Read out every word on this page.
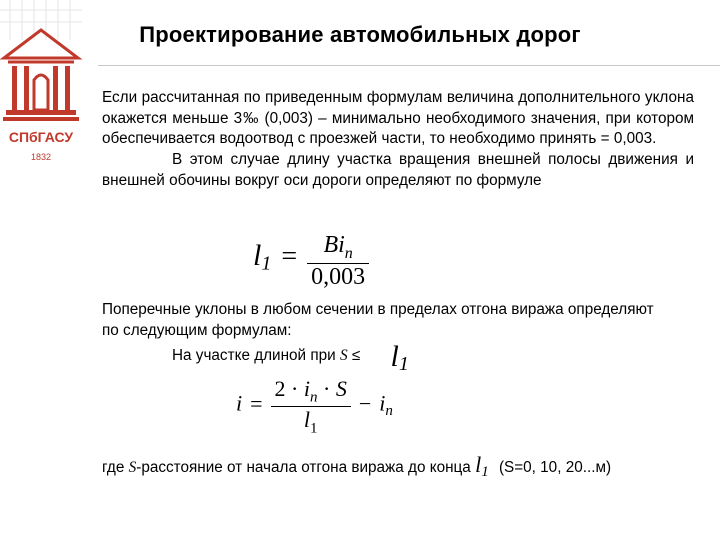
СПбГАСУ
1832
Проектирование автомобильных дорог

Если рассчитанная по приведенным формулам величина дополнительного уклона окажется меньше 3‰ (0,003) – минимально необходимого значения, при котором обеспечивается водоотвод с проезжей части, то необходимо принять = 0,003.

В этом случае длину участка вращения внешней полосы движения и внешней обочины вокруг оси дороги определяют по формуле

$l_1 = \frac{Bi_n}{0,003}$

Поперечные уклоны в любом сечении в пределах отгона виража определяют по следующим формулам:

На участке длиной при $S \le l_1$

$i = \frac{2 \cdot i_n \cdot S}{l_1} - i_n$
где S-расстояние от начала отгона виража до конца $l_1$ (S=0, 10, 20...м)
